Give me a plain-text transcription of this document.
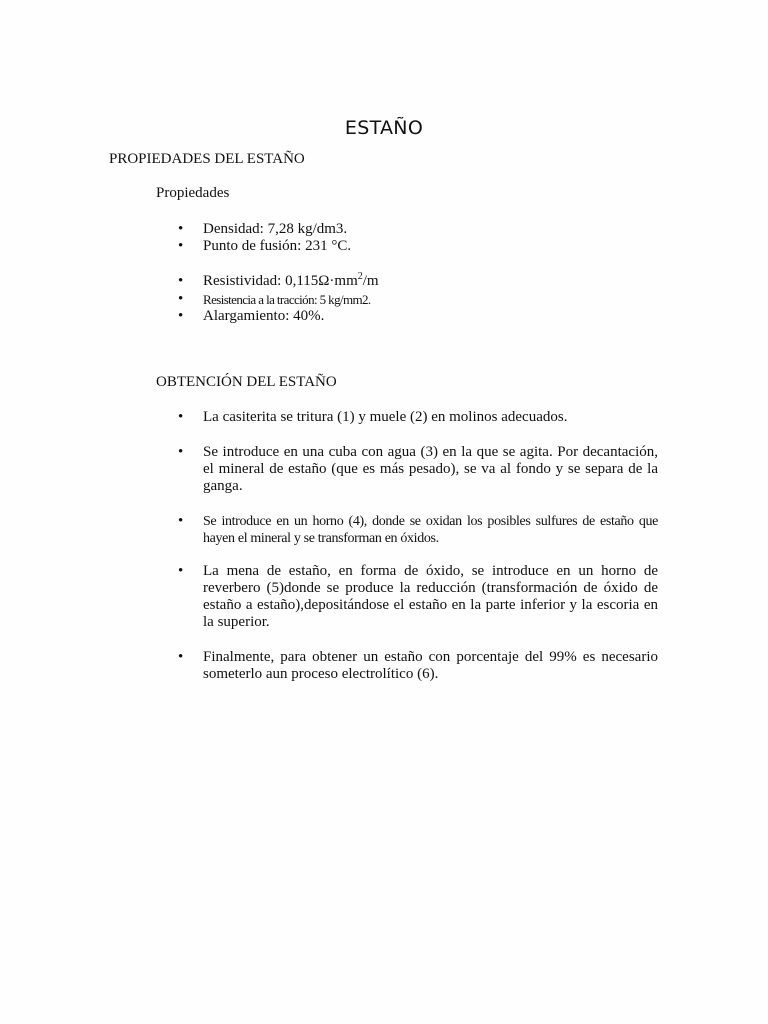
ESTAÑO
PROPIEDADES DEL ESTAÑO
Propiedades
• Densidad: 7,28 kg/dm3.
• Punto de fusión: 231 °C.
• Resistividad: $0,115\Omega\cdot mm^2/m$
• Resistencia a la tracción: 5 kg/mm2.
• Alargamiento: 40%.
OBTENCIÓN DEL ESTAÑO
• La casiterita se tritura (1) y muele (2) en molinos adecuados.
• Se introduce en una cuba con agua (3) en la que se agita. Por decantación, el mineral de estaño (que es más pesado), se va al fondo y se separa de la ganga.
• Se introduce en un horno (4), donde se oxidan los posibles sulfures de estaño que hayen el mineral y se transforman en óxidos.
• La mena de estaño, en forma de óxido, se introduce en un horno de reverbero (5)donde se produce la reducción (transformación de óxido de estaño a estaño),depositándose el estaño en la parte inferior y la escoria en la superior.
• Finalmente, para obtener un estaño con porcentaje del 99% es necesario someterlo aun proceso electrolítico (6).
